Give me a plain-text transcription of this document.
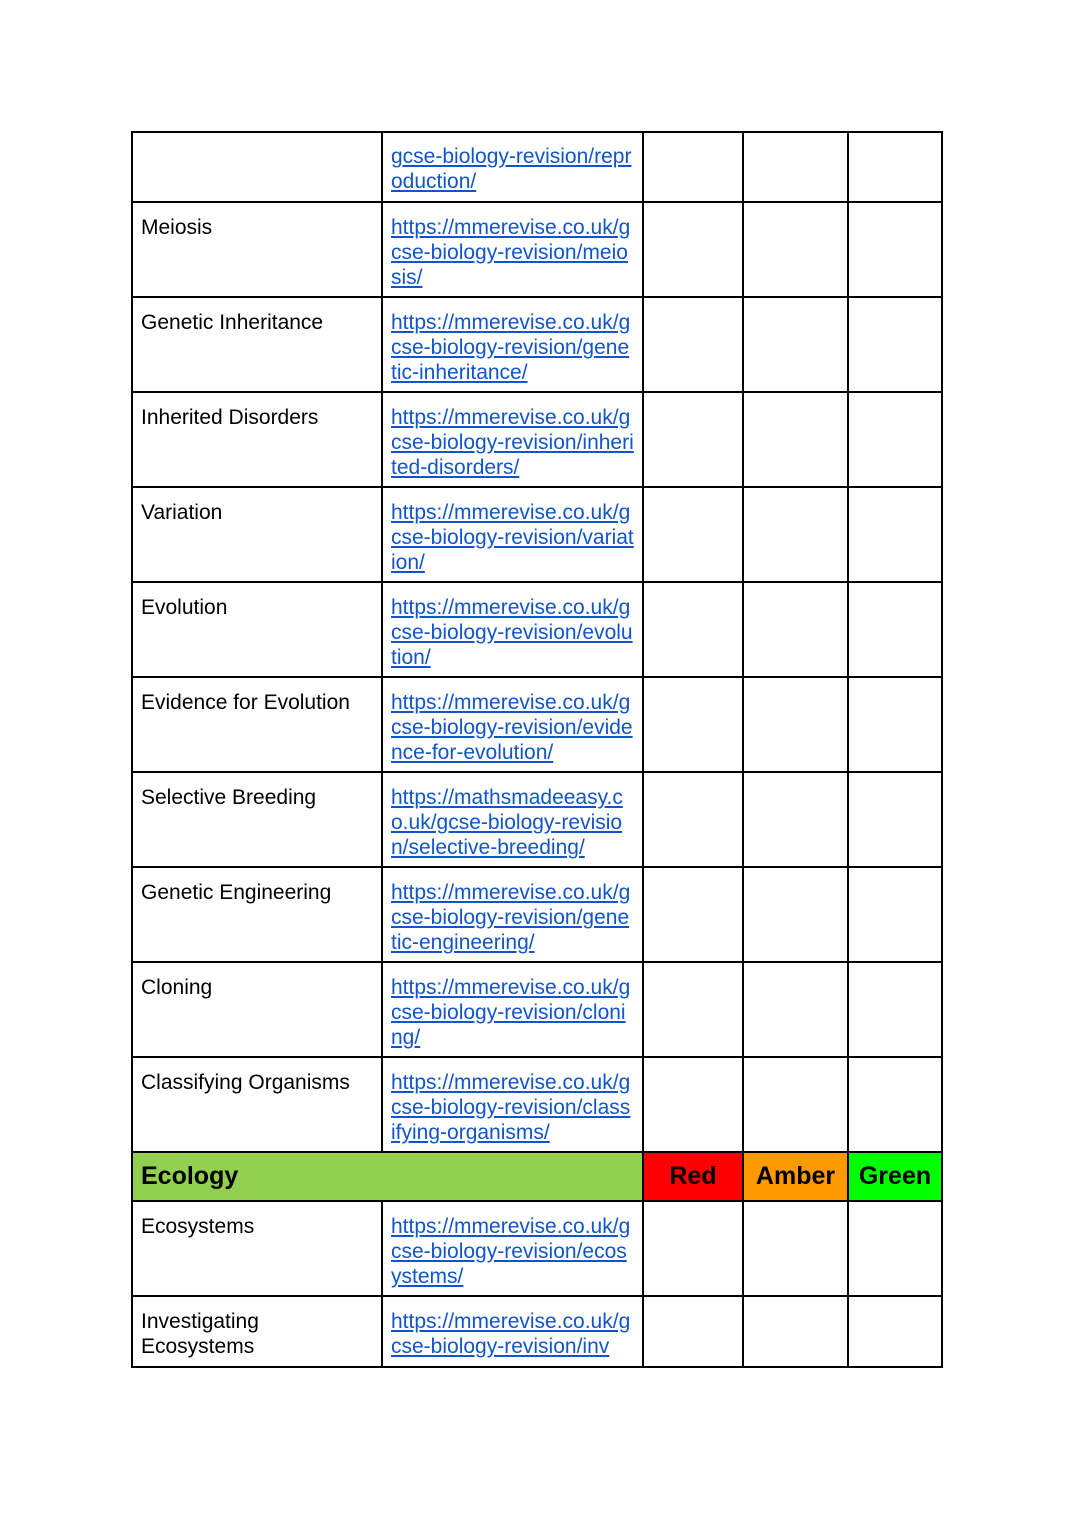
	gcse-biology-revision/reproduction/			
Meiosis	https://mmerevise.co.uk/gcse-biology-revision/meiosis/			
Genetic Inheritance	https://mmerevise.co.uk/gcse-biology-revision/genetic-inheritance/			
Inherited Disorders	https://mmerevise.co.uk/gcse-biology-revision/inherited-disorders/			
Variation	https://mmerevise.co.uk/gcse-biology-revision/variation/			
Evolution	https://mmerevise.co.uk/gcse-biology-revision/evolution/			
Evidence for Evolution	https://mmerevise.co.uk/gcse-biology-revision/evidence-for-evolution/			
Selective Breeding	https://mathsmadeeasy.co.uk/gcse-biology-revision/selective-breeding/			
Genetic Engineering	https://mmerevise.co.uk/gcse-biology-revision/genetic-engineering/			
Cloning	https://mmerevise.co.uk/gcse-biology-revision/cloning/			
Classifying Organisms	https://mmerevise.co.uk/gcse-biology-revision/classifying-organisms/			
Ecology		Red	Amber	Green
Ecosystems	https://mmerevise.co.uk/gcse-biology-revision/ecosystems/			
Investigating Ecosystems	https://mmerevise.co.uk/gcse-biology-revision/inv			
